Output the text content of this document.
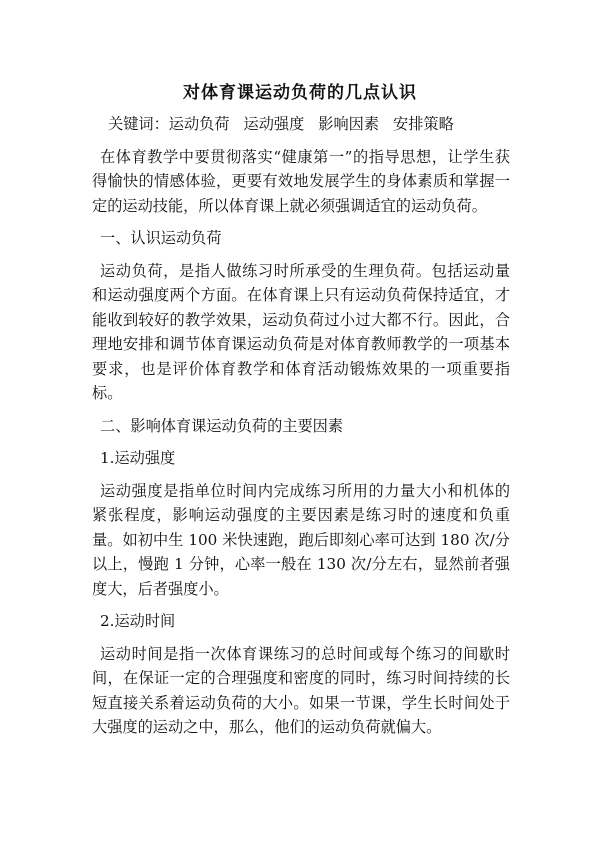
对体育课运动负荷的几点认识

关键词：运动负荷 运动强度 影响因素 安排策略

在体育教学中要贯彻落实“健康第一”的指导思想，让学生获得愉快的情感体验，更要有效地发展学生的身体素质和掌握一定的运动技能，所以体育课上就必须强调适宜的运动负荷。

一、认识运动负荷

运动负荷，是指人做练习时所承受的生理负荷。包括运动量和运动强度两个方面。在体育课上只有运动负荷保持适宜，才能收到较好的教学效果，运动负荷过小过大都不行。因此，合理地安排和调节体育课运动负荷是对体育教师教学的一项基本要求，也是评价体育教学和体育活动锻炼效果的一项重要指标。

二、影响体育课运动负荷的主要因素

1.运动强度

运动强度是指单位时间内完成练习所用的力量大小和机体的紧张程度，影响运动强度的主要因素是练习时的速度和负重量。如初中生 100 米快速跑，跑后即刻心率可达到 180 次/分以上，慢跑 1 分钟，心率一般在 130 次/分左右，显然前者强度大，后者强度小。

2.运动时间

运动时间是指一次体育课练习的总时间或每个练习的间歇时间，在保证一定的合理强度和密度的同时，练习时间持续的长短直接关系着运动负荷的大小。如果一节课，学生长时间处于大强度的运动之中，那么，他们的运动负荷就偏大。
